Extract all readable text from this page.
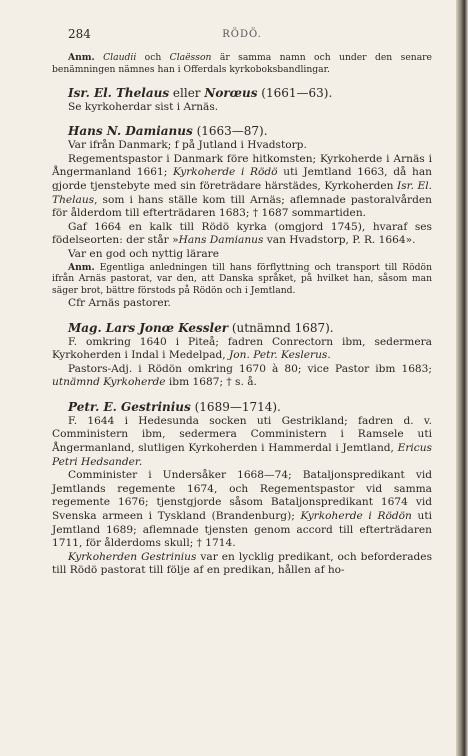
284	RÖDÖ.

Anm. Claudii och Claësson är samma namn och under den senare benämningen nämnes han i Offerdals kyrkoboksbandlingar.

Isr. El. Thelaus eller Norœus (1661—63).

Se kyrkoherdar sist i Arnäs.

Hans N. Damianus (1663—87).

Var ifrån Danmark; f på Jutland i Hvadstorp.

Regementspastor i Danmark före hitkomsten; Kyrkoherde i Arnäs i Ångermanland 1661; Kyrkoherde i Rödö uti Jemtland 1663, då han gjorde tjenstebyte med sin företrädare härstädes, Kyrkoherden Isr. El. Thelaus, som i hans ställe kom till Arnäs; aflemnade pastoralvården för ålderdom till efterträdaren 1683; † 1687 sommartiden.

Gaf 1664 en kalk till Rödö kyrka (omgjord 1745), hvaraf ses födelseorten: der står »Hans Damianus van Hvadstorp, P. R. 1664».

Var en god och nyttig lärare

Anm. Egentliga anledningen till hans förflyttning och transport till Rödön ifrån Arnäs pastorat, var den, att Danska språket, på hvilket han, såsom man säger brot, bättre förstods på Rödön och i Jemtland.

Cfr Arnäs pastorer.

Mag. Lars Jonœ Kessler (utnämnd 1687).

F. omkring 1640 i Piteå; fadren Conrectorn ibm, sedermera Kyrkoherden i Indal i Medelpad, Jon. Petr. Keslerus.

Pastors-Adj. i Rödön omkring 1670 à 80; vice Pastor ibm 1683; utnämnd Kyrkoherde ibm 1687; † s. å.

Petr. E. Gestrinius (1689—1714).

F. 1644 i Hedesunda socken uti Gestrikland; fadren d. v. Comministern ibm, sedermera Comministern i Ramsele uti Ångermanland, slutligen Kyrkoherden i Hammerdal i Jemtland, Ericus Petri Hedsander.

Comminister i Undersåker 1668—74; Bataljonspredikant vid Jemtlands regemente 1674, och Regementspastor vid samma regemente 1676; tjenstgjorde såsom Bataljonspredikant 1674 vid Svenska armeen i Tyskland (Brandenburg); Kyrkoherde i Rödön uti Jemtland 1689; aflemnade tjensten genom accord till efterträdaren 1711, för ålderdoms skull; † 1714.

Kyrkoherden Gestrinius var en lycklig predikant, och beforderades till Rödö pastorat till följe af en predikan, hållen af ho-
